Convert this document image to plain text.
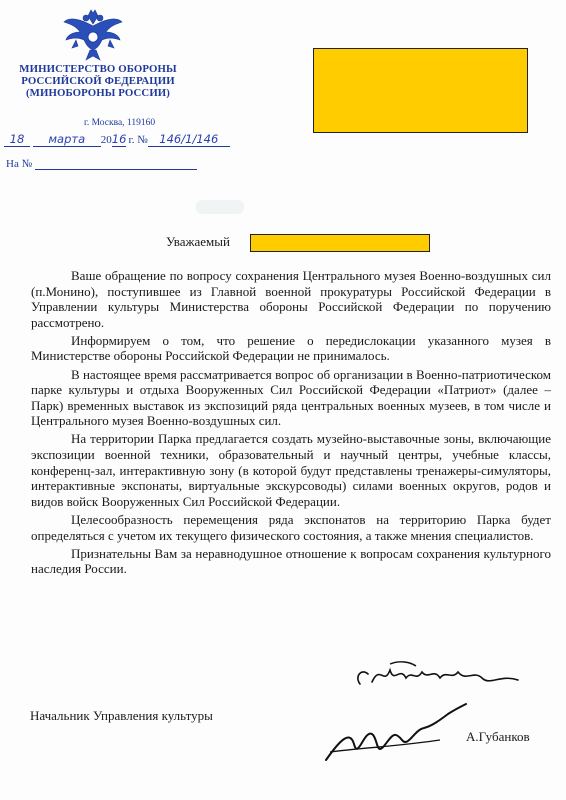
МИНИСТЕРСТВО ОБОРОНЫ
РОССИЙСКОЙ ФЕДЕРАЦИИ
(МИНОБОРОНЫ РОССИИ)
г. Москва, 119160
18 марта 2016 г. № 146/1/146
На №
Уважаемый

Ваше обращение по вопросу сохранения Центрального музея Военно-воздушных сил (п.Монино), поступившее из Главной военной прокуратуры Российской Федерации в Управлении культуры Министерства обороны Российской Федерации по поручению рассмотрено.

Информируем о том, что решение о передислокации указанного музея в Министерстве обороны Российской Федерации не принималось.

В настоящее время рассматривается вопрос об организации в Военно-патриотическом парке культуры и отдыха Вооруженных Сил Российской Федерации «Патриот» (далее – Парк) временных выставок из экспозиций ряда центральных военных музеев, в том числе и Центрального музея Военно-воздушных сил.

На территории Парка предлагается создать музейно-выставочные зоны, включающие экспозиции военной техники, образовательный и научный центры, учебные классы, конференц-зал, интерактивную зону (в которой будут представлены тренажеры-симуляторы, интерактивные экспонаты, виртуальные экскурсоводы) силами военных округов, родов и видов войск Вооруженных Сил Российской Федерации.

Целесообразность перемещения ряда экспонатов на территорию Парка будет определяться с учетом их текущего физического состояния, а также мнения специалистов.

Признательны Вам за неравнодушное отношение к вопросам сохранения культурного наследия России.

Начальник Управления культуры
А.Губанков
